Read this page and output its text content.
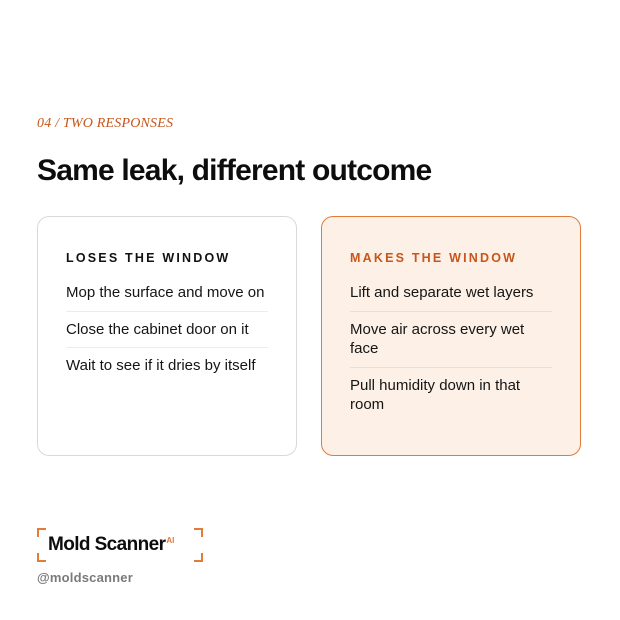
04 / TWO RESPONSES
Same leak, different outcome
LOSES THE WINDOW
Mop the surface and move on
Close the cabinet door on it
Wait to see if it dries by itself
MAKES THE WINDOW
Lift and separate wet layers
Move air across every wet face
Pull humidity down in that room
Mold Scanner$^{AI}$
@moldscanner
